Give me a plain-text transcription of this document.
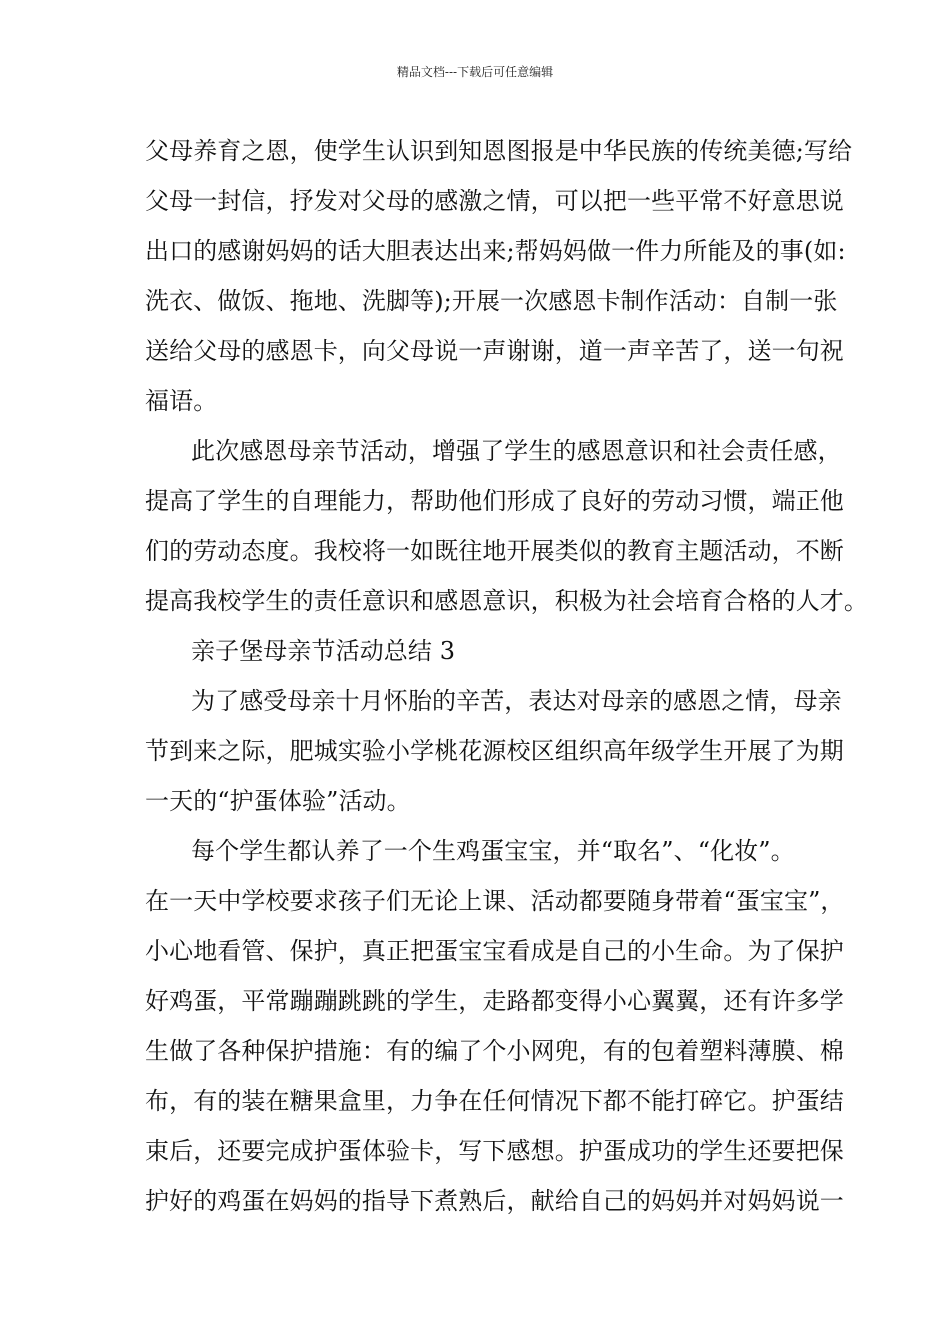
精品文档---下载后可任意编辑
父母养育之恩，使学生认识到知恩图报是中华民族的传统美德;写给
父母一封信，抒发对父母的感激之情，可以把一些平常不好意思说
出口的感谢妈妈的话大胆表达出来;帮妈妈做一件力所能及的事(如:
洗衣、做饭、拖地、洗脚等);开展一次感恩卡制作活动：自制一张
送给父母的感恩卡，向父母说一声谢谢，道一声辛苦了，送一句祝
福语。
此次感恩母亲节活动，增强了学生的感恩意识和社会责任感，
提高了学生的自理能力，帮助他们形成了良好的劳动习惯，端正他
们的劳动态度。我校将一如既往地开展类似的教育主题活动，不断
提高我校学生的责任意识和感恩意识，积极为社会培育合格的人才。
亲子堡母亲节活动总结 3
为了感受母亲十月怀胎的辛苦，表达对母亲的感恩之情，母亲
节到来之际，肥城实验小学桃花源校区组织高年级学生开展了为期
一天的“护蛋体验”活动。
每个学生都认养了一个生鸡蛋宝宝，并“取名”、“化妆”。
在一天中学校要求孩子们无论上课、活动都要随身带着“蛋宝宝”，
小心地看管、保护，真正把蛋宝宝看成是自己的小生命。为了保护
好鸡蛋，平常蹦蹦跳跳的学生，走路都变得小心翼翼，还有许多学
生做了各种保护措施：有的编了个小网兜，有的包着塑料薄膜、棉
布，有的装在糖果盒里，力争在任何情况下都不能打碎它。护蛋结
束后，还要完成护蛋体验卡，写下感想。护蛋成功的学生还要把保
护好的鸡蛋在妈妈的指导下煮熟后，献给自己的妈妈并对妈妈说一
